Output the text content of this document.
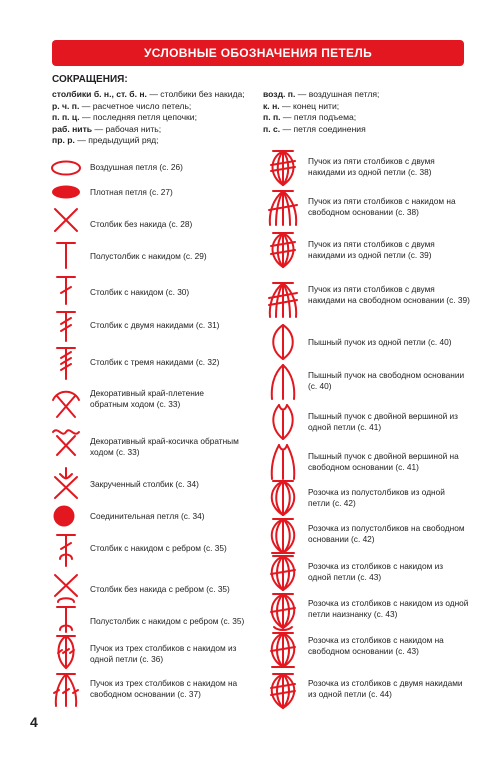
УСЛОВНЫЕ ОБОЗНАЧЕНИЯ ПЕТЕЛЬ
СОКРАЩЕНИЯ:
столбики б. н., ст. б. н. — столбики без накида;
р. ч. п. — расчетное число петель;
п. п. ц. — последняя петля цепочки;
раб. нить — рабочая нить;
пр. р. — предыдущий ряд;
возд. п. — воздушная петля;
к. н. — конец нити;
п. п. — петля подъема;
п. с. — петля соединения
Воздушная петля (с. 26)
Плотная петля (с. 27)
Столбик без накида (с. 28)
Полустолбик с накидом (с. 29)
Столбик с накидом (с. 30)
Столбик с двумя накидами (с. 31)
Столбик с тремя накидами (с. 32)
Декоративный край-плетение обратным ходом (с. 33)
Декоративный край-косичка обратным ходом (с. 33)
Закрученный столбик (с. 34)
Соединительная петля (с. 34)
Столбик с накидом с ребром (с. 35)
Столбик без накида с ребром (с. 35)
Полустолбик с накидом с ребром (с. 35)
Пучок из трех столбиков с накидом из одной петли (с. 36)
Пучок из трех столбиков с накидом на свободном основании (с. 37)
Пучок из пяти столбиков с двумя накидами из одной петли (с. 38)
Пучок из пяти столбиков с накидом на свободном основании (с. 38)
Пучок из пяти столбиков с двумя накидами из одной петли (с. 39)
Пучок из пяти столбиков с двумя накидами на свободном основании (с. 39)
Пышный пучок из одной петли (с. 40)
Пышный пучок на свободном основании (с. 40)
Пышный пучок с двойной вершиной из одной петли (с. 41)
Пышный пучок с двойной вершиной на свободном основании (с. 41)
Розочка из полустолбиков из одной петли (с. 42)
Розочка из полустолбиков на свободном основании (с. 42)
Розочка из столбиков с накидом из одной петли (с. 43)
Розочка из столбиков с накидом из одной петли наизнанку (с. 43)
Розочка из столбиков с накидом на свободном основании (с. 43)
Розочка из столбиков с двумя накидами из одной петли (с. 44)
4
